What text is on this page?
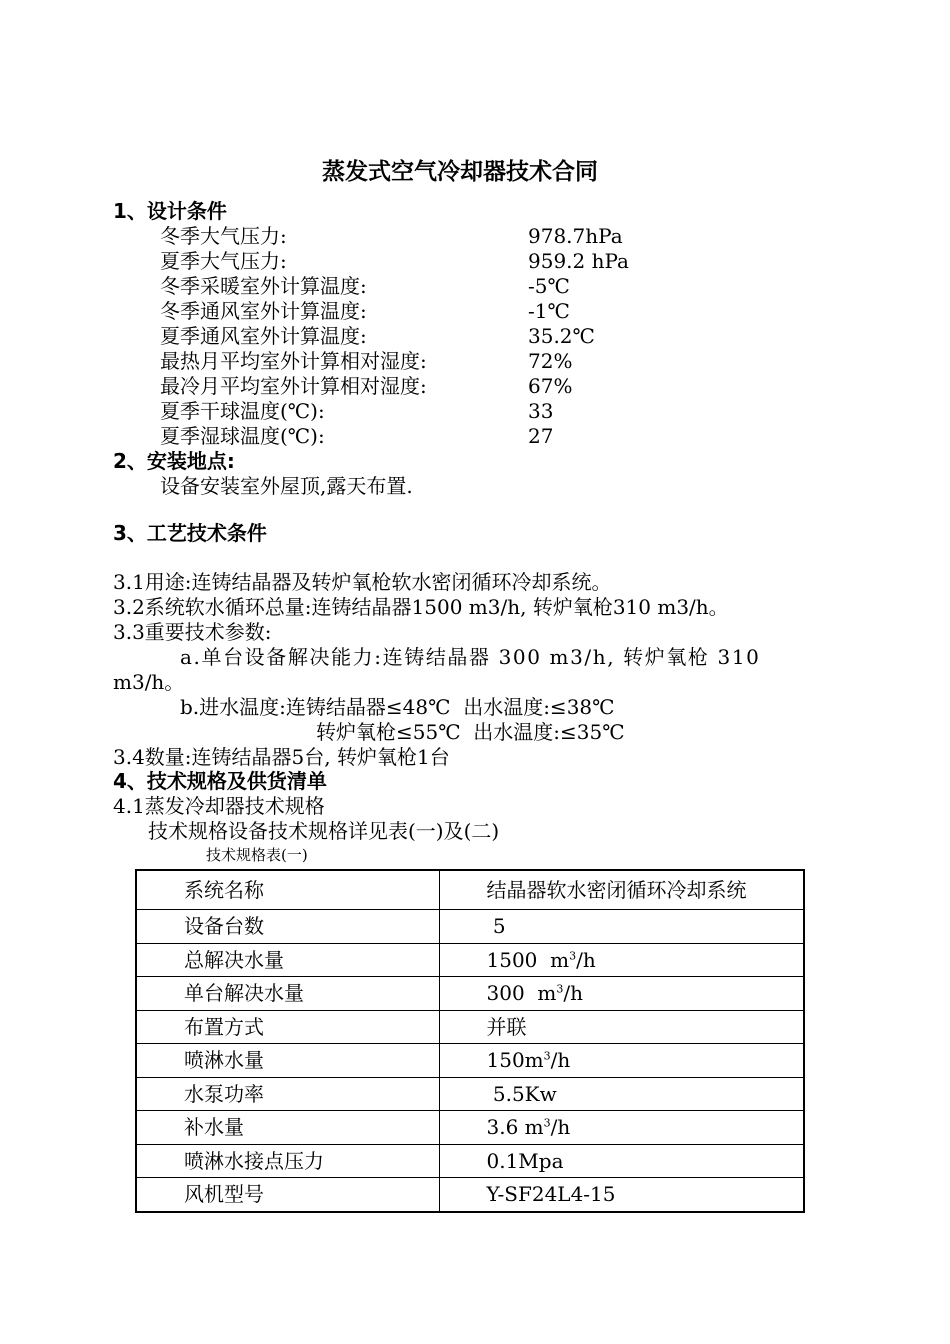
蒸发式空气冷却器技术合同
1、设计条件
冬季大气压力:	978.7hPa
夏季大气压力:	959.2 hPa
冬季采暖室外计算温度:	-5℃
冬季通风室外计算温度:	-1℃
夏季通风室外计算温度:	35.2℃
最热月平均室外计算相对湿度:	72%
最冷月平均室外计算相对湿度:	67%
夏季干球温度(℃):	33
夏季湿球温度(℃):	27
2、安装地点:
设备安装室外屋顶,露天布置.
3、工艺技术条件
3.1用途:连铸结晶器及转炉氧枪软水密闭循环冷却系统。
3.2系统软水循环总量:连铸结晶器1500 m3/h, 转炉氧枪310 m3/h。
3.3重要技术参数:
a.单台设备解决能力:连铸结晶器 300 m3/h, 转炉氧枪 310
m3/h。
b.进水温度:连铸结晶器≤48℃  出水温度:≤38℃
转炉氧枪≤55℃  出水温度:≤35℃
3.4数量:连铸结晶器5台, 转炉氧枪1台
4、技术规格及供货清单
4.1蒸发冷却器技术规格
技术规格设备技术规格详见表(一)及(二)
技术规格表(一)
系统名称	结晶器软水密闭循环冷却系统
设备台数	5
总解决水量	1500  $m^3/h$
单台解决水量	300  $m^3/h$
布置方式	并联
喷淋水量	$150m^3/h$
水泵功率	5.5Kw
补水量	3.6 $m^3/h$
喷淋水接点压力	0.1Mpa
风机型号	Y-SF24L4-15
